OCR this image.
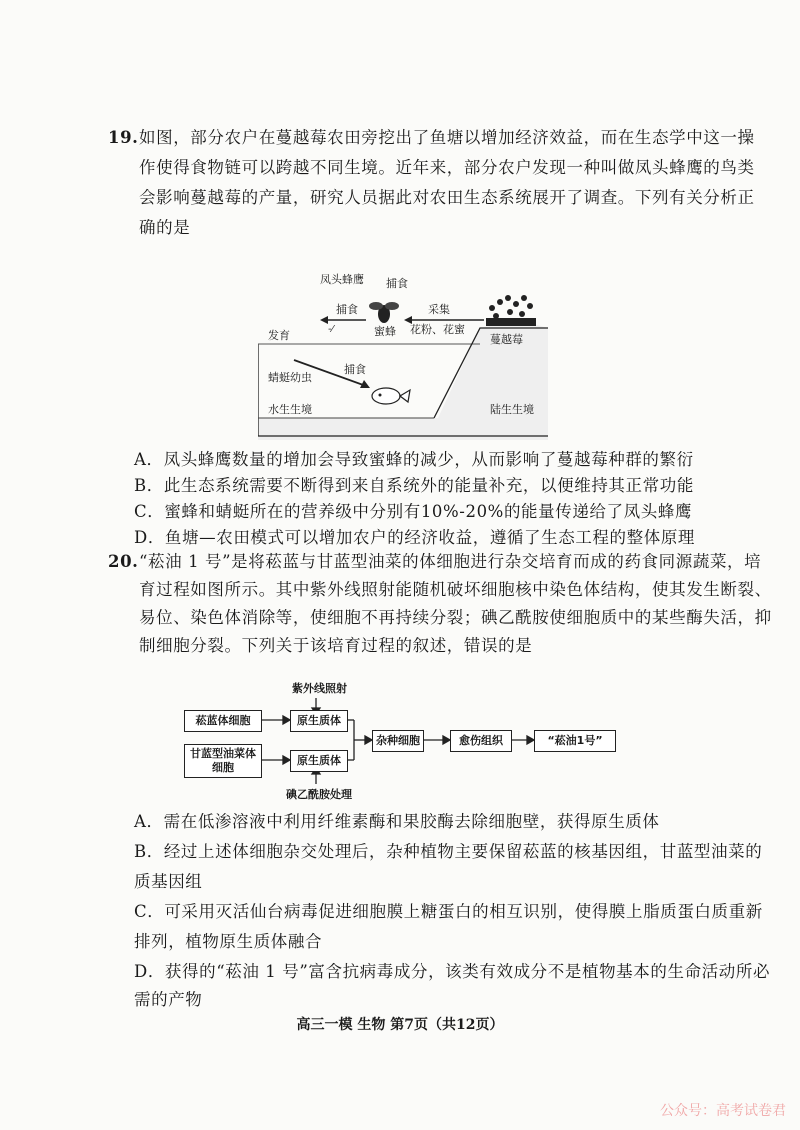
19. 如图，部分农户在蔓越莓农田旁挖出了鱼塘以增加经济效益，而在生态学中这一操
作使得食物链可以跨越不同生境。近年来，部分农户发现一种叫做凤头蜂鹰的鸟类
会影响蔓越莓的产量，研究人员据此对农田生态系统展开了调查。下列有关分析正
确的是
‑⁄
凤头蜂鹰 捕食
捕食	采集
花粉、花蜜
蜜蜂
发育	蔓越莓
蜻蜓幼虫
捕食
水生生境	陆生生境
A．凤头蜂鹰数量的增加会导致蜜蜂的减少，从而影响了蔓越莓种群的繁衍
B．此生态系统需要不断得到来自系统外的能量补充，以便维持其正常功能
C．蜜蜂和蜻蜓所在的营养级中分别有10%-20%的能量传递给了凤头蜂鹰
D．鱼塘—农田模式可以增加农户的经济收益，遵循了生态工程的整体原理
20. “菘油 1 号”是将菘蓝与甘蓝型油菜的体细胞进行杂交培育而成的药食同源蔬菜，培
育过程如图所示。其中紫外线照射能随机破坏细胞核中染色体结构，使其发生断裂、
易位、染色体消除等，使细胞不再持续分裂；碘乙酰胺使细胞质中的某些酶失活，抑
制细胞分裂。下列关于该培育过程的叙述，错误的是
紫外线照射
菘蓝体细胞	原生质体
甘蓝型油菜体细胞
原生质体
杂种细胞	愈伤组织	“菘油1号”
碘乙酰胺处理
A．需在低渗溶液中利用纤维素酶和果胶酶去除细胞壁，获得原生质体
B．经过上述体细胞杂交处理后，杂种植物主要保留菘蓝的核基因组，甘蓝型油菜的
质基因组
C．可采用灭活仙台病毒促进细胞膜上糖蛋白的相互识别，使得膜上脂质蛋白质重新
排列，植物原生质体融合
D．获得的“菘油 1 号”富含抗病毒成分，该类有效成分不是植物基本的生命活动所必
需的产物
高三一模 生物 第7页（共12页）
公众号：高考试卷君
